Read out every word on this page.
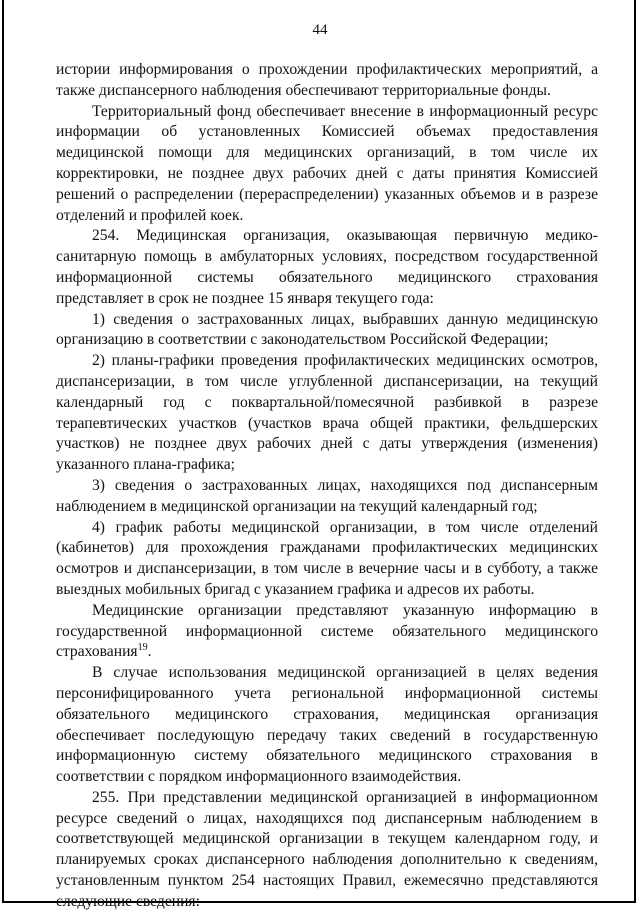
44

истории информирования о прохождении профилактических мероприятий, а также диспансерного наблюдения обеспечивают территориальные фонды.

Территориальный фонд обеспечивает внесение в информационный ресурс информации об установленных Комиссией объемах предоставления медицинской помощи для медицинских организаций, в том числе их корректировки, не позднее двух рабочих дней с даты принятия Комиссией решений о распределении (перераспределении) указанных объемов и в разрезе отделений и профилей коек.

254. Медицинская организация, оказывающая первичную медико-санитарную помощь в амбулаторных условиях, посредством государственной информационной системы обязательного медицинского страхования представляет в срок не позднее 15 января текущего года:

1) сведения о застрахованных лицах, выбравших данную медицинскую организацию в соответствии с законодательством Российской Федерации;

2) планы-графики проведения профилактических медицинских осмотров, диспансеризации, в том числе углубленной диспансеризации, на текущий календарный год с поквартальной/помесячной разбивкой в разрезе терапевтических участков (участков врача общей практики, фельдшерских участков) не позднее двух рабочих дней с даты утверждения (изменения) указанного плана-графика;

3) сведения о застрахованных лицах, находящихся под диспансерным наблюдением в медицинской организации на текущий календарный год;

4) график работы медицинской организации, в том числе отделений (кабинетов) для прохождения гражданами профилактических медицинских осмотров и диспансеризации, в том числе в вечерние часы и в субботу, а также выездных мобильных бригад с указанием графика и адресов их работы.

Медицинские организации представляют указанную информацию в государственной информационной системе обязательного медицинского страхования$^{19}$.

В случае использования медицинской организацией в целях ведения персонифицированного учета региональной информационной системы обязательного медицинского страхования, медицинская организация обеспечивает последующую передачу таких сведений в государственную информационную систему обязательного медицинского страхования в соответствии с порядком информационного взаимодействия.

255. При представлении медицинской организацией в информационном ресурсе сведений о лицах, находящихся под диспансерным наблюдением в соответствующей медицинской организации в текущем календарном году, и планируемых сроках диспансерного наблюдения дополнительно к сведениям, установленным пунктом 254 настоящих Правил, ежемесячно представляются следующие сведения:
